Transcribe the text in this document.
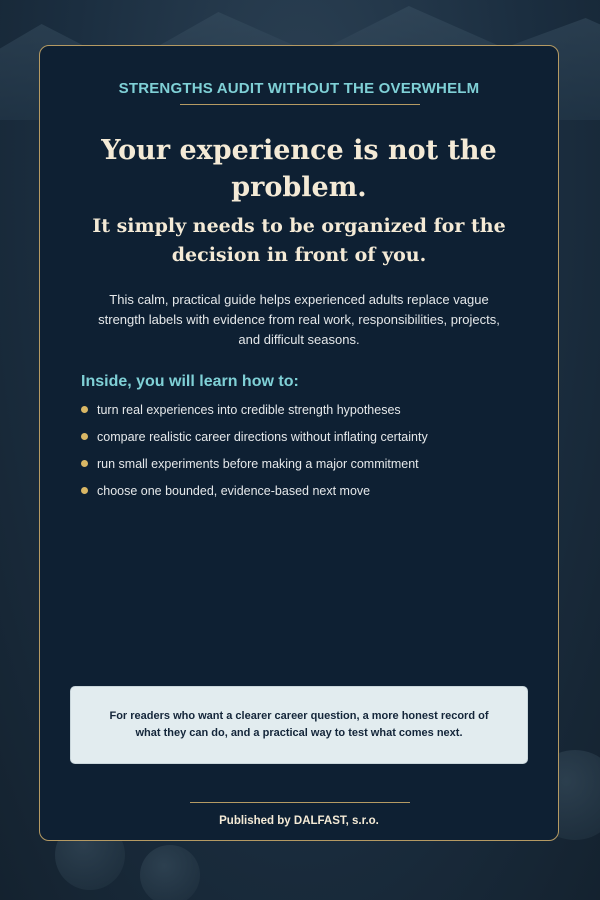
STRENGTHS AUDIT WITHOUT THE OVERWHELM
Your experience is not the problem.
It simply needs to be organized for the decision in front of you.
This calm, practical guide helps experienced adults replace vague strength labels with evidence from real work, responsibilities, projects, and difficult seasons.
Inside, you will learn how to:
turn real experiences into credible strength hypotheses
compare realistic career directions without inflating certainty
run small experiments before making a major commitment
choose one bounded, evidence-based next move
For readers who want a clearer career question, a more honest record of what they can do, and a practical way to test what comes next.
Published by DALFAST, s.r.o.
